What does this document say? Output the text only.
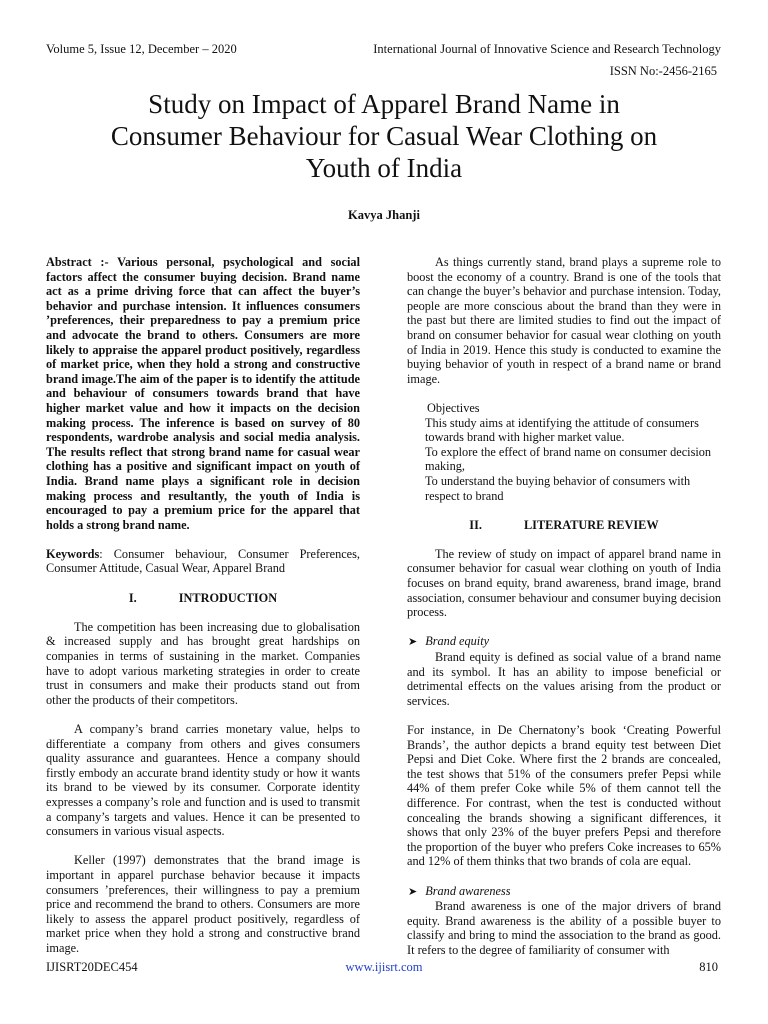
Volume 5, Issue 12, December – 2020	International Journal of Innovative Science and Research Technology
ISSN No:-2456-2165
Study on Impact of Apparel Brand Name in
Consumer Behaviour for Casual Wear Clothing on
Youth of India
Kavya Jhanji

Abstract :- Various personal, psychological and social factors affect the consumer buying decision. Brand name act as a prime driving force that can affect the buyer’s behavior and purchase intension. It influences consumers ’preferences, their preparedness to pay a premium price and advocate the brand to others. Consumers are more likely to appraise the apparel product positively, regardless of market price, when they hold a strong and constructive brand image.The aim of the paper is to identify the attitude and behaviour of consumers towards brand that have higher market value and how it impacts on the decision making process. The inference is based on survey of 80 respondents, wardrobe analysis and social media analysis. The results reflect that strong brand name for casual wear clothing has a positive and significant impact on youth of India. Brand name plays a significant role in decision making process and resultantly, the youth of India is encouraged to pay a premium price for the apparel that holds a strong brand name.

Keywords: Consumer behaviour, Consumer Preferences, Consumer Attitude, Casual Wear, Apparel Brand

I.	INTRODUCTION

The competition has been increasing due to globalisation & increased supply and has brought great hardships on companies in terms of sustaining in the market. Companies have to adopt various marketing strategies in order to create trust in consumers and make their products stand out from other the products of their competitors.

A company’s brand carries monetary value, helps to differentiate a company from others and gives consumers quality assurance and guarantees. Hence a company should firstly embody an accurate brand identity study or how it wants its brand to be viewed by its consumer. Corporate identity expresses a company’s role and function and is used to transmit a company’s targets and values. Hence it can be presented to consumers in various visual aspects.

Keller (1997) demonstrates that the brand image is important in apparel purchase behavior because it impacts consumers ’preferences, their willingness to pay a premium price and recommend the brand to others. Consumers are more likely to assess the apparel product positively, regardless of market price when they hold a strong and constructive brand image.

As things currently stand, brand plays a supreme role to boost the economy of a country. Brand is one of the tools that can change the buyer’s behavior and purchase intension. Today, people are more conscious about the brand than they were in the past but there are limited studies to find out the impact of brand on consumer behavior for casual wear clothing on youth of India in 2019. Hence this study is conducted to examine the buying behavior of youth in respect of a brand name or brand image.

Objectives

This study aims at identifying the attitude of consumers towards brand with higher market value.

To explore the effect of brand name on consumer decision making,

To understand the buying behavior of consumers with respect to brand

II.	LITERATURE REVIEW

The review of study on impact of apparel brand name in consumer behavior for casual wear clothing on youth of India focuses on brand equity, brand awareness, brand image, brand association, consumer behaviour and consumer buying decision process.

➤ Brand equity

Brand equity is defined as social value of a brand name and its symbol. It has an ability to impose beneficial or detrimental effects on the values arising from the product or services.

For instance, in De Chernatony’s book ‘Creating Powerful Brands’, the author depicts a brand equity test between Diet Pepsi and Diet Coke. Where first the 2 brands are concealed, the test shows that 51% of the consumers prefer Pepsi while 44% of them prefer Coke while 5% of them cannot tell the difference. For contrast, when the test is conducted without concealing the brands showing a significant differences, it shows that only 23% of the buyer prefers Pepsi and therefore the proportion of the buyer who prefers Coke increases to 65% and 12% of them thinks that two brands of cola are equal.

➤ Brand awareness

Brand awareness is one of the major drivers of brand equity. Brand awareness is the ability of a possible buyer to classify and bring to mind the association to the brand as good. It refers to the degree of familiarity of consumer with

IJISRT20DEC454	www.ijisrt.com	810
